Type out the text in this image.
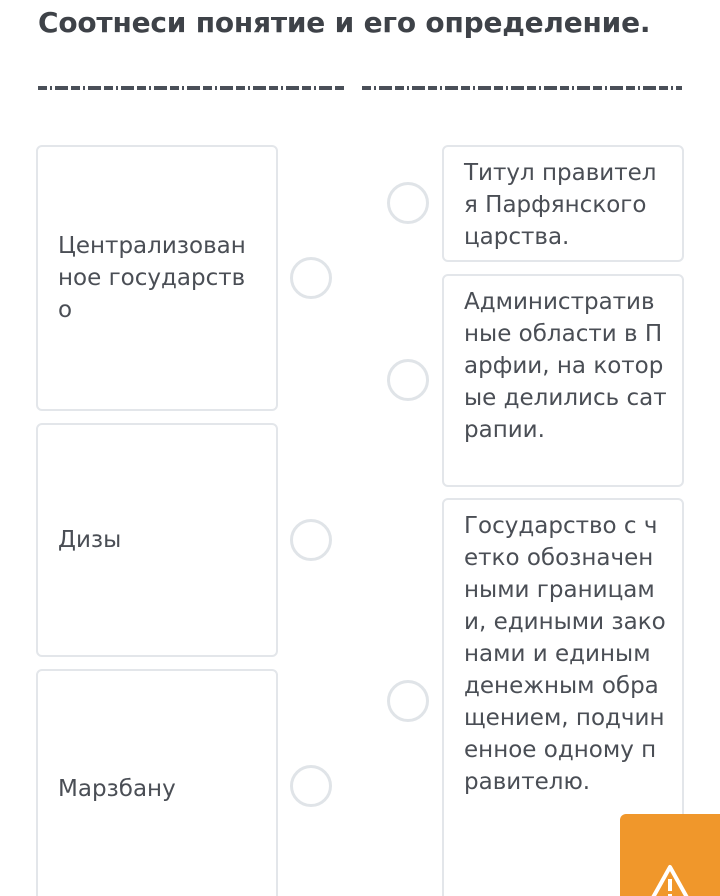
Соотнеси понятие и его определение.
Централизованное государство
Дизы
Марзбану
Титул правителя Парфянского царства.
Административные области в Парфии, на которые делились сатрапии.
Государство с четко обозначенными границами, едиными законами и единым денежным обращением, подчиненное одному правителю.
